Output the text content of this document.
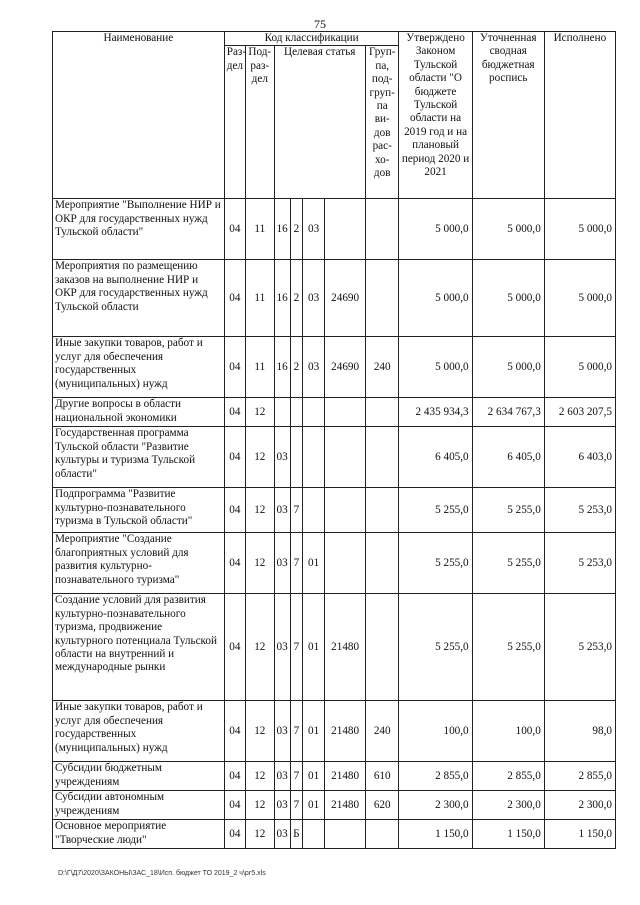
75
Наименование	Код классификации							Утверждено Законом Тульской области "О бюджете Тульской области на 2019 год и на плановый период 2020 и 2021	Уточненная сводная бюджетная роспись	Исполнено
	Раз-дел	Под-раз-дел	Целевая статья				Груп-па, под-груп-па ви-дов рас-хо-дов			
Мероприятие "Выполнение НИР и ОКР для государственных нужд Тульской области"	04	11	16	2	03			5 000,0	5 000,0	5 000,0
Мероприятия по размещению заказов на выполнение НИР и ОКР для государственных нужд Тульской области	04	11	16	2	03	24690		5 000,0	5 000,0	5 000,0
Иные закупки товаров, работ и услуг для обеспечения государственных (муниципальных) нужд	04	11	16	2	03	24690	240	5 000,0	5 000,0	5 000,0
Другие вопросы в области национальной экономики	04	12						2 435 934,3	2 634 767,3	2 603 207,5
Государственная программа Тульской области "Развитие культуры и туризма Тульской области"	04	12	03					6 405,0	6 405,0	6 403,0
Подпрограмма "Развитие культурно-познавательного туризма в Тульской области"	04	12	03	7				5 255,0	5 255,0	5 253,0
Мероприятие "Создание благоприятных условий для развития культурно-познавательного туризма"	04	12	03	7	01			5 255,0	5 255,0	5 253,0
Создание условий для развития культурно-познавательного туризма, продвижение культурного потенциала Тульской области на внутренний и международные рынки	04	12	03	7	01	21480		5 255,0	5 255,0	5 253,0
Иные закупки товаров, работ и услуг для обеспечения государственных (муниципальных) нужд	04	12	03	7	01	21480	240	100,0	100,0	98,0
Субсидии бюджетным учреждениям	04	12	03	7	01	21480	610	2 855,0	2 855,0	2 855,0
Субсидии автономным учреждениям	04	12	03	7	01	21480	620	2 300,0	2 300,0	2 300,0
Основное мероприятие "Творческие люди"	04	12	03	Б				1 150,0	1 150,0	1 150,0
D:\Г\Д7\2020\ЗАКОНЫ\ЗАС_18\Исп. бюджет ТО 2019_2 ч\рг5.xls
